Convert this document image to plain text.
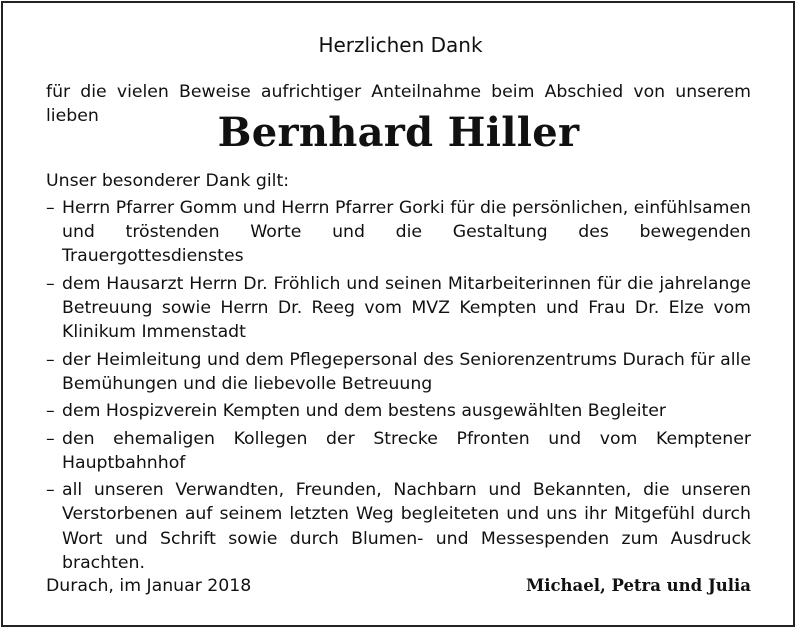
Herzlichen Dank

für die vielen Beweise aufrichtiger Anteilnahme beim Abschied von unserem lieben	Bernhard Hiller

Unser besonderer Dank gilt:

– Herrn Pfarrer Gomm und Herrn Pfarrer Gorki für die persönlichen, einfühlsamen und tröstenden Worte und die Gestaltung des bewegenden Trauergottesdienstes
– dem Hausarzt Herrn Dr. Fröhlich und seinen Mitarbeiterinnen für die jahrelange Betreuung sowie Herrn Dr. Reeg vom MVZ Kempten und Frau Dr. Elze vom Klinikum Immenstadt
– der Heimleitung und dem Pflegepersonal des Seniorenzentrums Durach für alle Bemühungen und die liebevolle Betreuung
– dem Hospizverein Kempten und dem bestens ausgewählten Begleiter
– den ehemaligen Kollegen der Strecke Pfronten und vom Kemptener Hauptbahnhof
– all unseren Verwandten, Freunden, Nachbarn und Bekannten, die unseren Verstorbenen auf seinem letzten Weg begleiteten und uns ihr Mitgefühl durch Wort und Schrift sowie durch Blumen- und Messespenden zum Ausdruck brachten.
Durach, im Januar 2018	Michael, Petra und Julia
